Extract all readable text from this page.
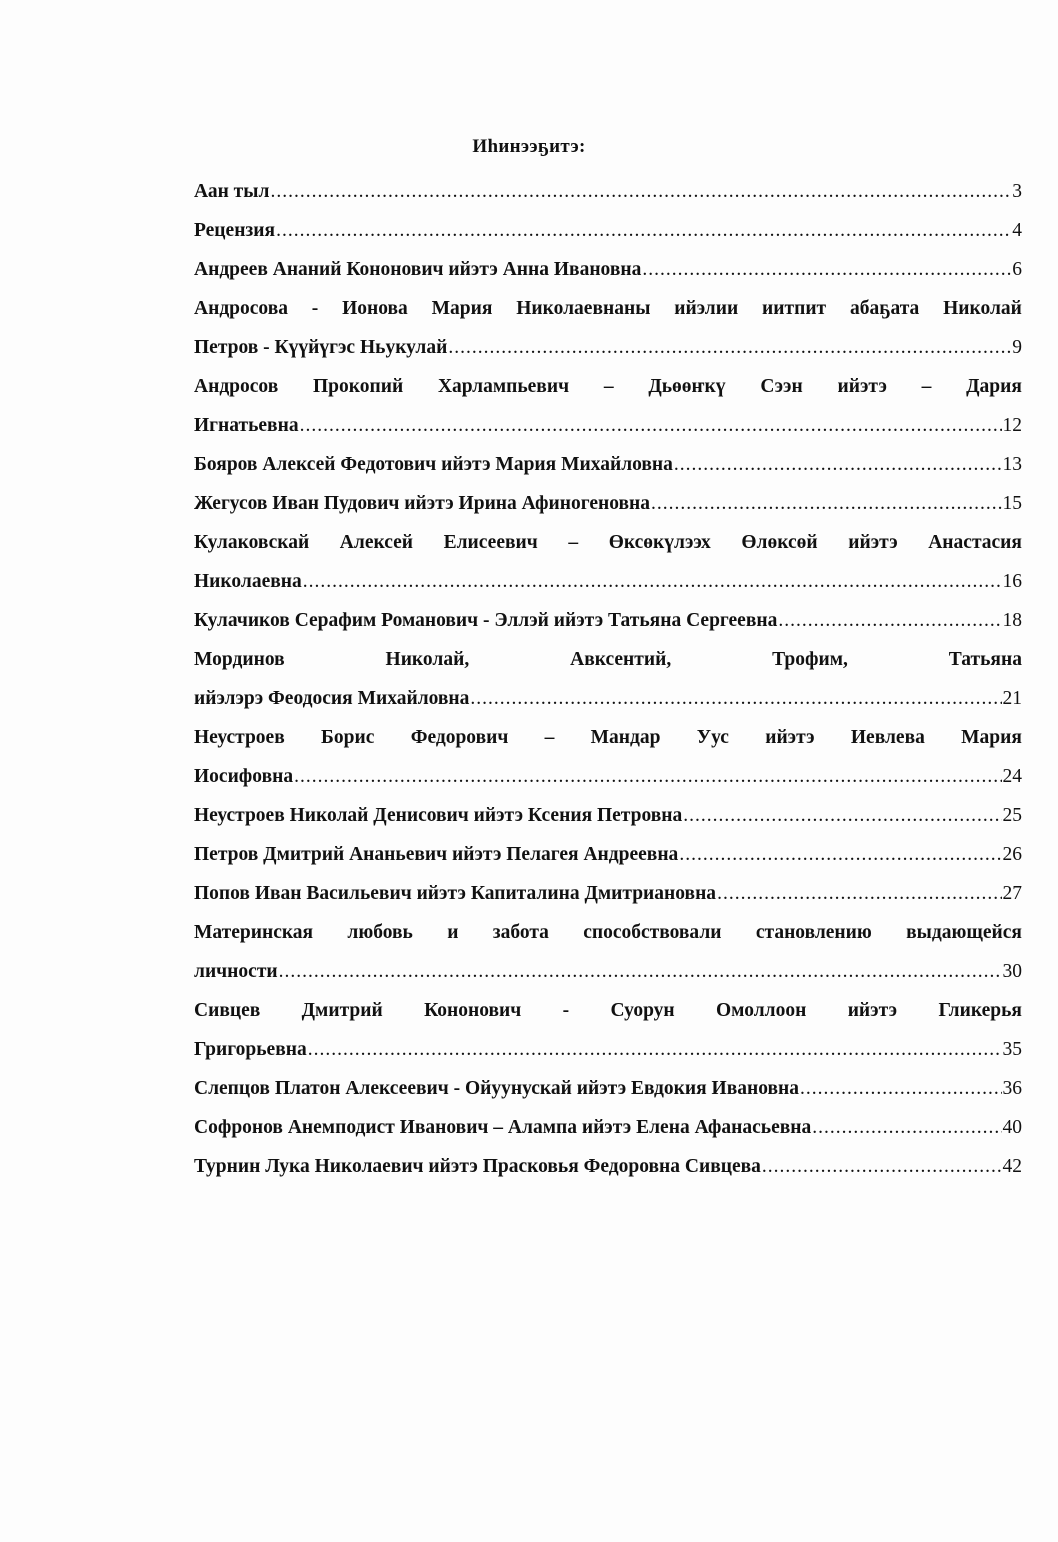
Иһинээҕитэ:
Аан тыл .....	3
Рецензия .....	4
Андреев Ананий Кононович ийэтэ Анна Ивановна .....	6
Андросова - Ионова Мария Николаевнаны ийэлии иитпит абаҕата Николай
Петров - Күүйүгэс Ньукулай .....	9
Андросов Прокопий Харлампьевич – Дьөөҥкү Сээн ийэтэ – Дария
Игнатьевна .....	12
Бояров Алексей Федотович ийэтэ Мария Михайловна .....	13
Жегусов Иван Пудович ийэтэ Ирина Афиногеновна .....	15
Кулаковскай Алексей Елисеевич – Өксөкүлээх Өлөксөй ийэтэ Анастасия
Николаевна .....	16
Кулачиков Серафим Романович - Эллэй ийэтэ Татьяна Сергеевна .....	18
Мординов	Николай,	Авксентий,	Трофим,	Татьяна
ийэлэрэ Феодосия Михайловна .....	21
Неустроев Борис Федорович – Мандар Уус ийэтэ Иевлева Мария
Иосифовна .....	24
Неустроев Николай Денисович ийэтэ Ксения Петровна .....	25
Петров Дмитрий Ананьевич ийэтэ Пелагея Андреевна .....	26
Попов Иван Васильевич ийэтэ Капиталина Дмитриановна .....	27
Материнская любовь и забота способствовали становлению выдающейся
личности .....	30
Сивцев Дмитрий Кононович - Суорун Омоллоон ийэтэ Гликерья
Григорьевна .....	35
Слепцов Платон Алексеевич - Ойуунускай ийэтэ Евдокия Ивановна .....	36
Софронов Анемподист Иванович – Алампа ийэтэ Елена Афанасьевна .....	40
Турнин Лука Николаевич ийэтэ Прасковья Федоровна Сивцева .....	42
